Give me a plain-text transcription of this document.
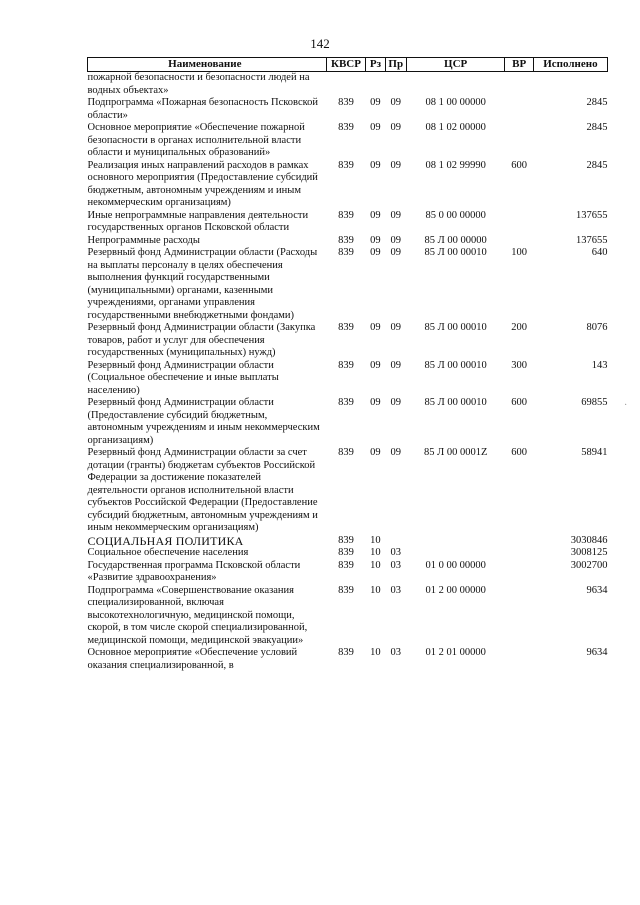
142
Наименование	КВСР	Рз	Пр	ЦСР	ВР	Исполнено
пожарной безопасности и безопасности людей на водных объектах»						
Подпрограмма «Пожарная безопасность Псковской области»	839	09	09	08 1 00 00000		2845
Основное мероприятие «Обеспечение пожарной безопасности в органах исполнительной власти области и муниципальных образований»	839	09	09	08 1 02 00000		2845
Реализация иных направлений расходов в рамках основного мероприятия (Предоставление субсидий бюджетным, автономным учреждениям и иным некоммерческим организациям)	839	09	09	08 1 02 99990	600	2845
Иные непрограммные направления деятельности государственных органов Псковской области	839	09	09	85 0 00 00000		137655
Непрограммные расходы	839	09	09	85 Л 00 00000		137655
Резервный фонд Администрации области (Расходы на выплаты персоналу в целях обеспечения выполнения функций государственными (муниципальными) органами, казенными учреждениями, органами управления государственными внебюджетными фондами)	839	09	09	85 Л 00 00010	100	640
Резервный фонд Администрации области (Закупка товаров, работ и услуг для обеспечения государственных (муниципальных) нужд)	839	09	09	85 Л 00 00010	200	8076
Резервный фонд Администрации области (Социальное обеспечение и иные выплаты населению)	839	09	09	85 Л 00 00010	300	143
Резервный фонд Администрации области (Предоставление субсидий бюджетным, автономным учреждениям и иным некоммерческим организациям)	839	09	09	85 Л 00 00010	600	69855
Резервный фонд Администрации области за счет дотации (гранты) бюджетам субъектов Российской Федерации за достижение показателей деятельности органов исполнительной власти субъектов Российской Федерации (Предоставление субсидий бюджетным, автономным учреждениям и иным некоммерческим организациям)	839	09	09	85 Л 00 0001Z	600	58941
СОЦИАЛЬНАЯ ПОЛИТИКА	839	10				3030846
Социальное обеспечение населения	839	10	03			3008125
Государственная программа Псковской области «Развитие здравоохранения»	839	10	03	01 0 00 00000		3002700
Подпрограмма «Совершенствование оказания специализированной, включая высокотехнологичную, медицинской помощи, скорой, в том числе скорой специализированной, медицинской помощи, медицинской эвакуации»	839	10	03	01 2 00 00000		9634
Основное мероприятие «Обеспечение условий оказания специализированной, в	839	10	03	01 2 01 00000		9634
·
